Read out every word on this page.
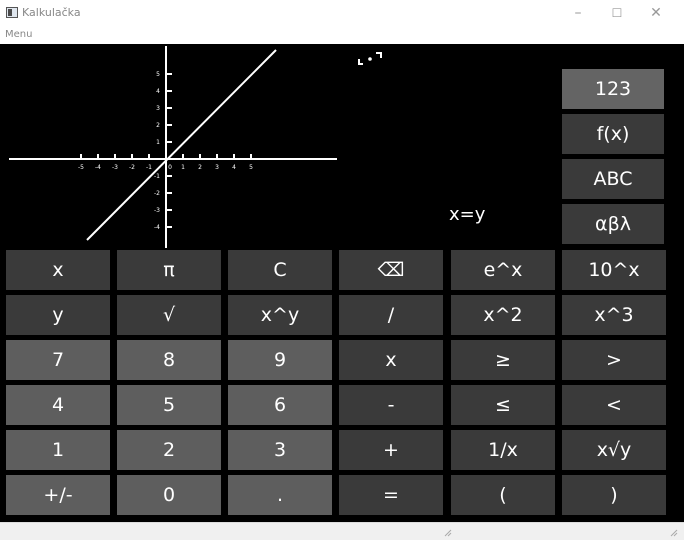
Kalkulačka	–	☐	✕
Menu
-5 -4 -3 -2 -1	0 1 2 3 4 5
5
4
3
2
1
-1
-2
-3
-4
x=y
123
f(x)
ABC
αβλ
x	π	C	⌫	e^x	10^x
y	√	x^y	/	x^2	x^3
7	8	9	x	≥	>
4	5	6	-	≤	<
1	2	3	+	1/x	x√y
+/-	0	.	=	(	)
